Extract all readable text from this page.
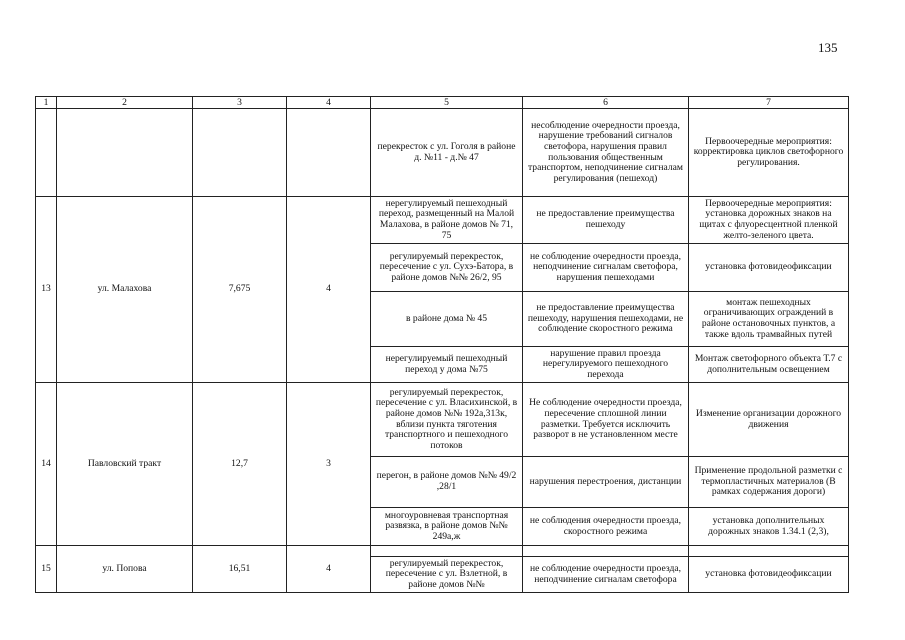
135
1	2	3	4	5	6	7
				перекресток с ул. Гоголя в районе д. №11 - д.№ 47	несоблюдение очередности проезда, нарушение требований сигналов светофора, нарушения правил пользования общественным транспортом, неподчинение сигналам регулирования (пешеход)	Первоочередные мероприятия: корректировка циклов светофорного регулирования.
13	ул. Малахова	7,675	4	нерегулируемый пешеходный переход, размещенный на Малой Малахова, в районе домов № 71, 75	не предоставление преимущества пешеходу	Первоочередные мероприятия: установка дорожных знаков на щитах с флуоресцентной пленкой желто-зеленого цвета.
				регулируемый перекресток, пересечение с ул. Сухэ-Батора, в районе домов №№ 26/2, 95	не соблюдение очередности проезда, неподчинение сигналам светофора, нарушения пешеходами	установка фотовидеофиксации
				в районе дома № 45	не предоставление преимущества пешеходу, нарушения пешеходами, не соблюдение скоростного режима	монтаж пешеходных ограничивающих ограждений в районе остановочных пунктов, а также вдоль трамвайных путей
				нерегулируемый пешеходный переход у дома №75	нарушение правил проезда нерегулируемого пешеходного перехода	Монтаж светофорного объекта Т.7 с дополнительным освещением
14	Павловский тракт	12,7	3	регулируемый перекресток, пересечение с ул. Власихинской, в районе домов №№ 192а,313к, вблизи пункта тяготения транспортного и пешеходного потоков	Не соблюдение очередности проезда, пересечение сплошной линии разметки. Требуется исключить разворот в не установленном месте	Изменение организации дорожного движения
				перегон, в районе домов №№ 49/2 ,28/1	нарушения перестроения, дистанции	Применение продольной разметки с термопластичных материалов (В рамках содержания дороги)
				многоуровневая транспортная развязка, в районе домов №№ 249а,ж	не соблюдения очередности проезда, скоростного режима	установка дополнительных дорожных знаков 1.34.1 (2,3),
15	ул. Попова	16,51	4			
				регулируемый перекресток, пересечение с ул. Взлетной, в районе домов №№	не соблюдение очередности проезда, неподчинение сигналам светофора	установка фотовидеофиксации
